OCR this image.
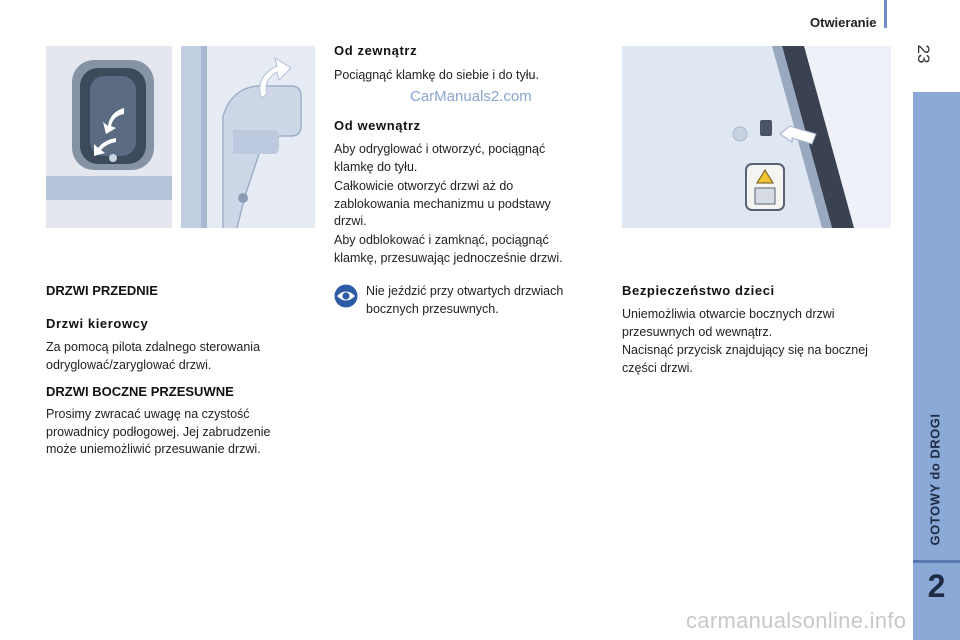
Otwieranie
23
GOTOWY do DROGI
2
Od zewnątrz
Pociągnąć klamkę do siebie i do tyłu.
CarManuals2.com
Od wewnątrz
Aby odryglować i otworzyć, pociągnąć klamkę do tyłu.
Całkowicie otworzyć drzwi aż do zablokowania mechanizmu u podstawy drzwi.
Aby odblokować i zamknąć, pociągnąć klamkę, przesuwając jednocześnie drzwi.
Nie jeździć przy otwartych drzwiach bocznych przesuwnych.
DRZWI PRZEDNIE
Drzwi kierowcy
Za pomocą pilota zdalnego sterowania odryglować/zaryglować drzwi.
DRZWI BOCZNE PRZESUWNE
Prosimy zwracać uwagę na czystość prowadnicy podłogowej. Jej zabrudzenie może uniemożliwić przesuwanie drzwi.
Bezpieczeństwo dzieci
Uniemożliwia otwarcie bocznych drzwi przesuwnych od wewnątrz.
Nacisnąć przycisk znajdujący się na bocznej części drzwi.
carmanualsonline.info
